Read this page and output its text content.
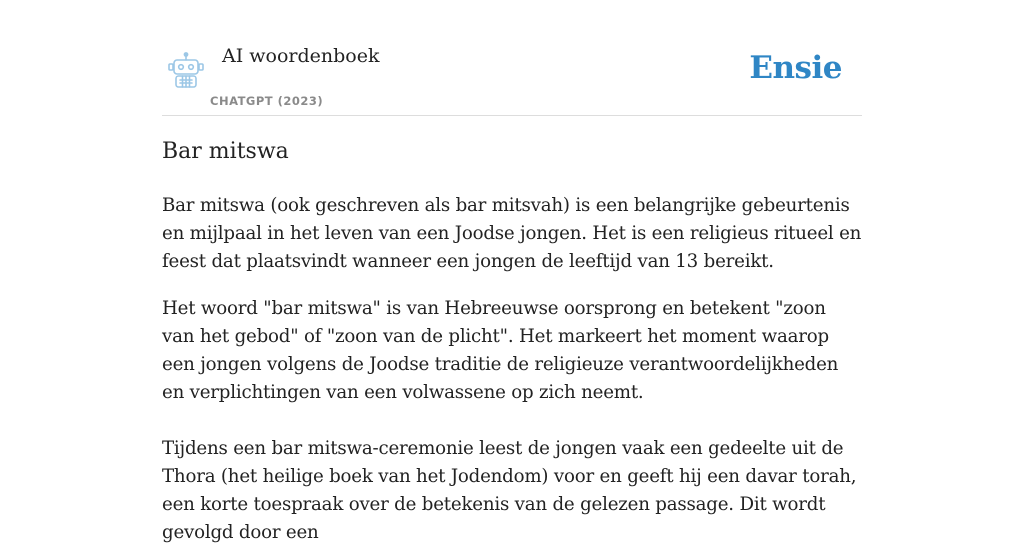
AI woordenboek
CHATGPT (2023)
Ensie
Bar mitswa

Bar mitswa (ook geschreven als bar mitsvah) is een belangrijke gebeurtenis en mijlpaal in het leven van een Joodse jongen. Het is een religieus ritueel en feest dat plaatsvindt wanneer een jongen de leeftijd van 13 bereikt.

Het woord "bar mitswa" is van Hebreeuwse oorsprong en betekent "zoon van het gebod" of "zoon van de plicht". Het markeert het moment waarop een jongen volgens de Joodse traditie de religieuze verantwoordelijkheden en verplichtingen van een volwassene op zich neemt.

Tijdens een bar mitswa-ceremonie leest de jongen vaak een gedeelte uit de Thora (het heilige boek van het Jodendom) voor en geeft hij een davar torah, een korte toespraak over de betekenis van de gelezen passage. Dit wordt gevolgd door een
